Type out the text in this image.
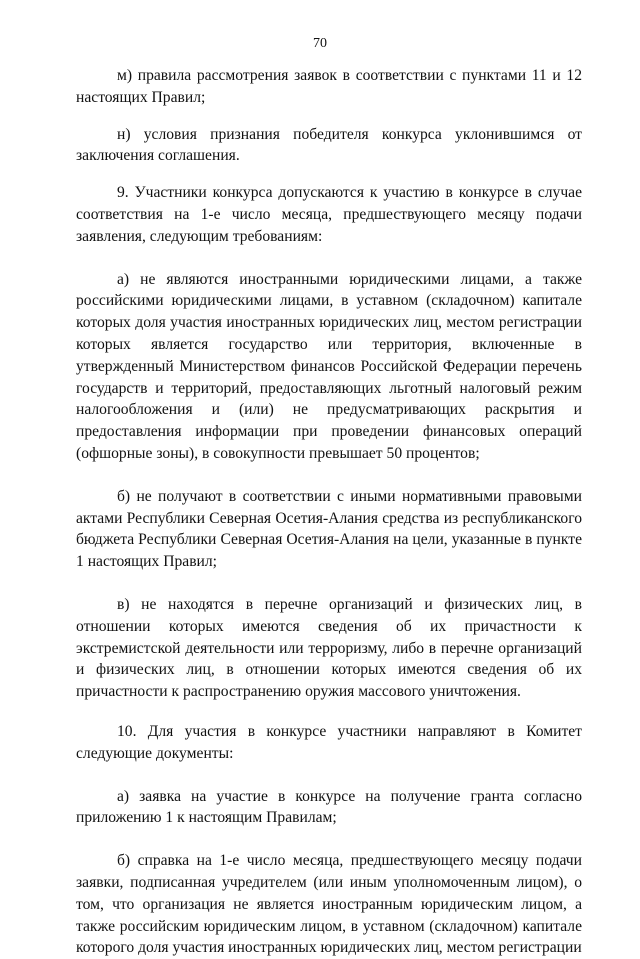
70

м) правила рассмотрения заявок в соответствии с пунктами 11 и 12 настоящих Правил;

н) условия признания победителя конкурса уклонившимся от заключения соглашения.

9. Участники конкурса допускаются к участию в конкурсе в случае соответствия на 1-е число месяца, предшествующего месяцу подачи заявления, следующим требованиям:

а) не являются иностранными юридическими лицами, а также российскими юридическими лицами, в уставном (складочном) капитале которых доля участия иностранных юридических лиц, местом регистрации которых является государство или территория, включенные в утвержденный Министерством финансов Российской Федерации перечень государств и территорий, предоставляющих льготный налоговый режим налогообложения и (или) не предусматривающих раскрытия и предоставления информации при проведении финансовых операций (офшорные зоны), в совокупности превышает 50 процентов;

б) не получают в соответствии с иными нормативными правовыми актами Республики Северная Осетия-Алания средства из республиканского бюджета Республики Северная Осетия-Алания на цели, указанные в пункте 1 настоящих Правил;

в) не находятся в перечне организаций и физических лиц, в отношении которых имеются сведения об их причастности к экстремистской деятельности или терроризму, либо в перечне организаций и физических лиц, в отношении которых имеются сведения об их причастности к распространению оружия массового уничтожения.

10. Для участия в конкурсе участники направляют в Комитет следующие документы:

а) заявка на участие в конкурсе на получение гранта согласно приложению 1 к настоящим Правилам;

б) справка на 1-е число месяца, предшествующего месяцу подачи заявки, подписанная учредителем (или иным уполномоченным лицом), о том, что организация не является иностранным юридическим лицом, а также российским юридическим лицом, в уставном (складочном) капитале которого доля участия иностранных юридических лиц, местом регистрации
